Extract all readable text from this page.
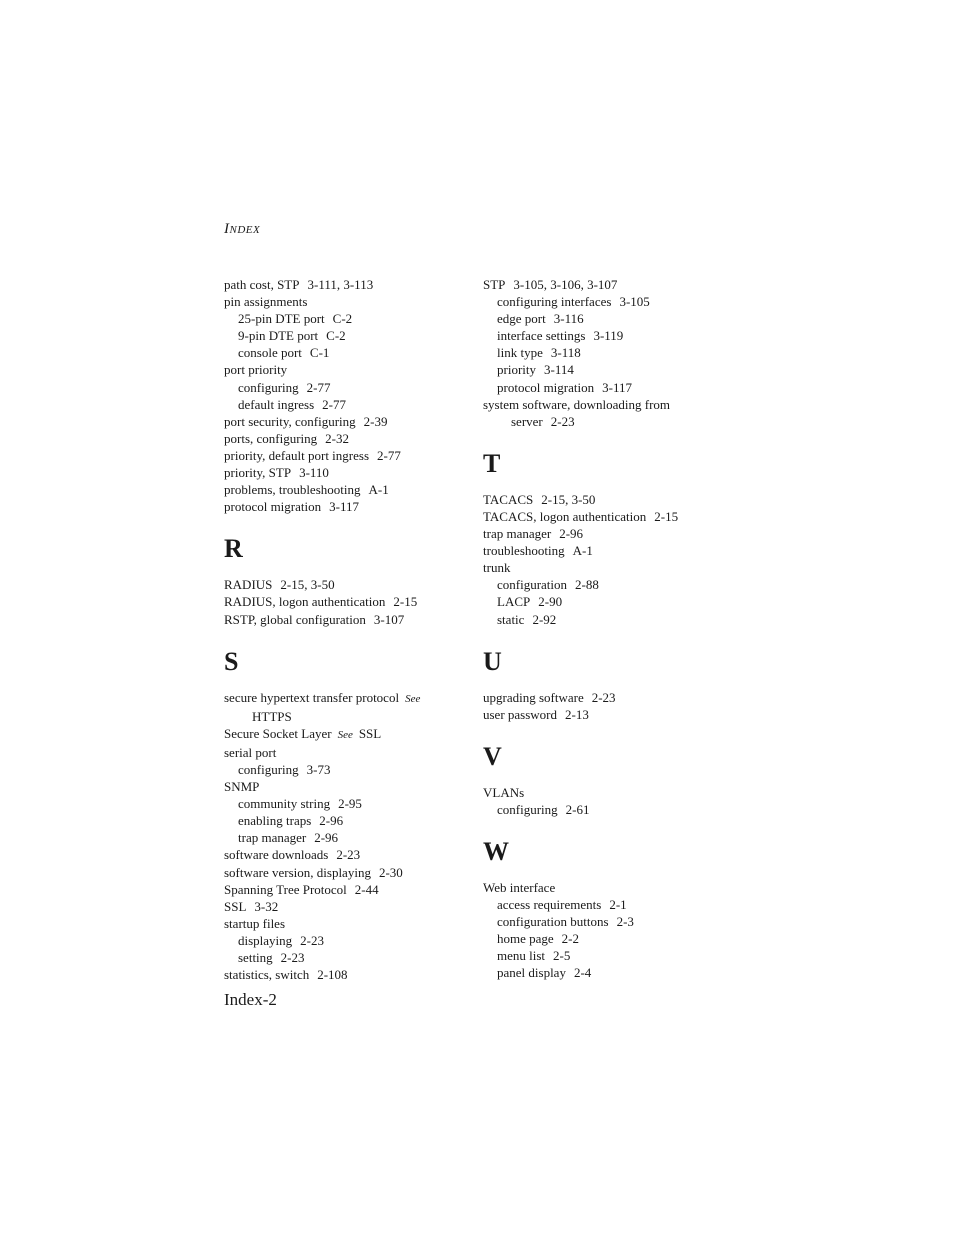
INDEX
path cost, STP 3-111, 3-113
pin assignments
25-pin DTE port C-2
9-pin DTE port C-2
console port C-1
port priority
configuring 2-77
default ingress 2-77
port security, configuring 2-39
ports, configuring 2-32
priority, default port ingress 2-77
priority, STP 3-110
problems, troubleshooting A-1
protocol migration 3-117
R
RADIUS 2-15, 3-50
RADIUS, logon authentication 2-15
RSTP, global configuration 3-107
S
secure hypertext transfer protocol See
HTTPS
Secure Socket Layer See SSL
serial port
configuring 3-73
SNMP
community string 2-95
enabling traps 2-96
trap manager 2-96
software downloads 2-23
software version, displaying 2-30
Spanning Tree Protocol 2-44
SSL 3-32
startup files
displaying 2-23
setting 2-23
statistics, switch 2-108
STP 3-105, 3-106, 3-107
configuring interfaces 3-105
edge port 3-116
interface settings 3-119
link type 3-118
priority 3-114
protocol migration 3-117
system software, downloading from
server 2-23
T
TACACS 2-15, 3-50
TACACS, logon authentication 2-15
trap manager 2-96
troubleshooting A-1
trunk
configuration 2-88
LACP 2-90
static 2-92
U
upgrading software 2-23
user password 2-13
V
VLANs
configuring 2-61
W
Web interface
access requirements 2-1
configuration buttons 2-3
home page 2-2
menu list 2-5
panel display 2-4
Index-2
